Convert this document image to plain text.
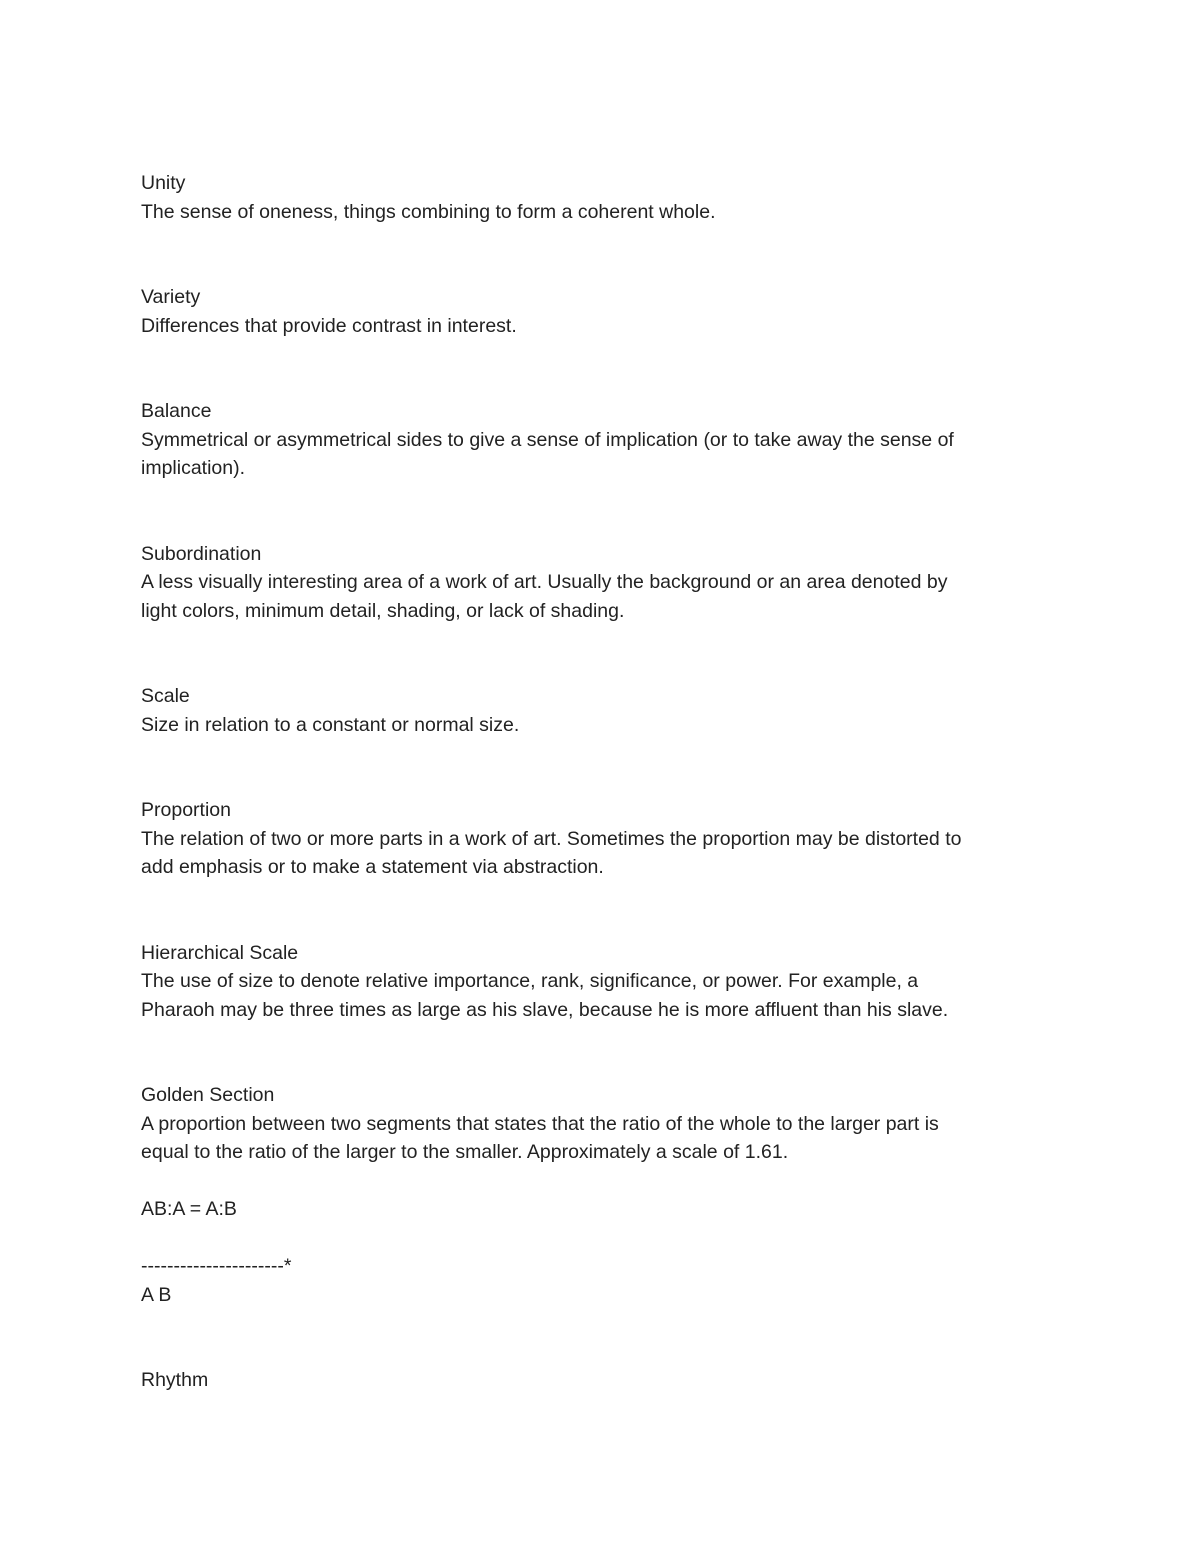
Unity

The sense of oneness, things combining to form a coherent whole.

Variety

Differences that provide contrast in interest.

Balance

Symmetrical or asymmetrical sides to give a sense of implication (or to take away the sense of

implication).

Subordination

A less visually interesting area of a work of art. Usually the background or an area denoted by

light colors, minimum detail, shading, or lack of shading.

Scale

Size in relation to a constant or normal size.

Proportion

The relation of two or more parts in a work of art. Sometimes the proportion may be distorted to

add emphasis or to make a statement via abstraction.

Hierarchical Scale

The use of size to denote relative importance, rank, significance, or power. For example, a

Pharaoh may be three times as large as his slave, because he is more affluent than his slave.

Golden Section

A proportion between two segments that states that the ratio of the whole to the larger part is

equal to the ratio of the larger to the smaller. Approximately a scale of 1.61.

AB:A = A:B

----------------------*

A B

Rhythm
